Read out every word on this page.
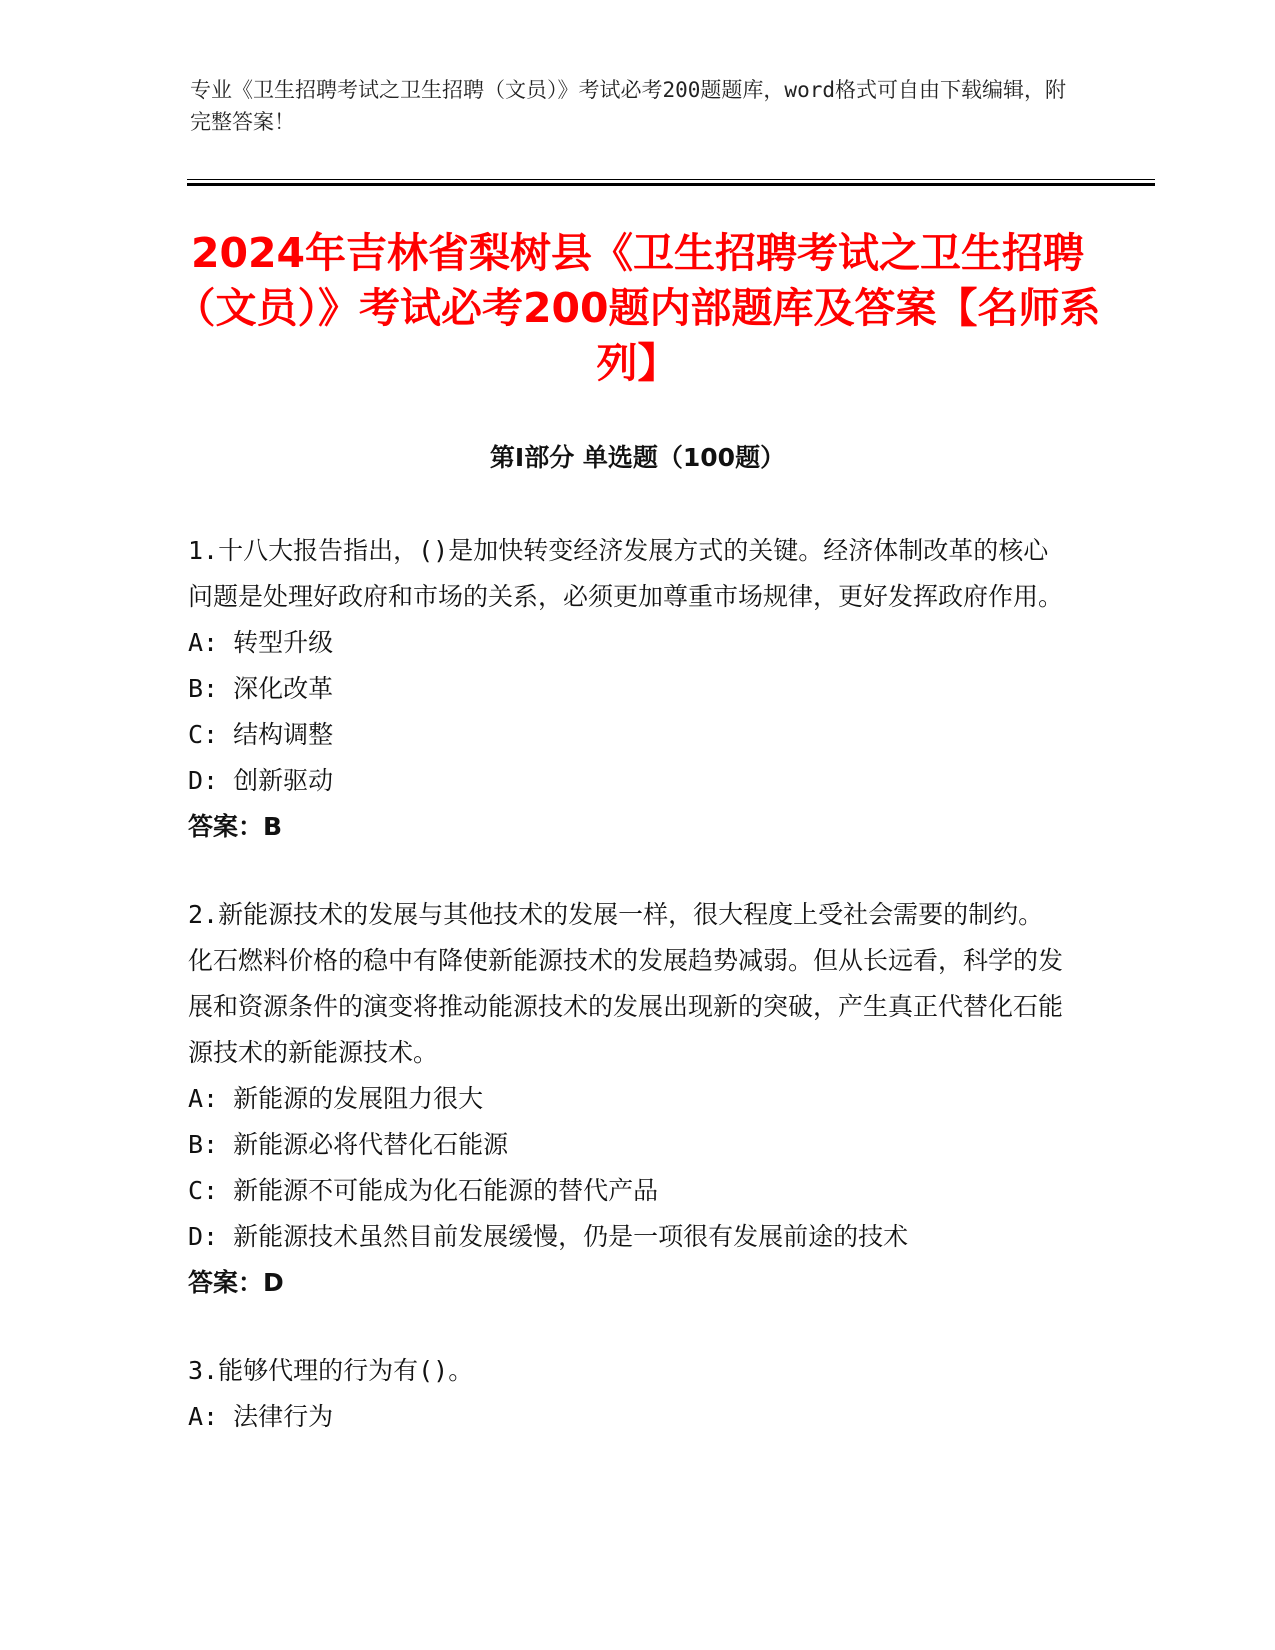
专业《卫生招聘考试之卫生招聘（文员）》考试必考200题题库，word格式可自由下载编辑，附完整答案！

2024年吉林省梨树县《卫生招聘考试之卫生招聘（文员）》考试必考200题内部题库及答案【名师系列】
第Ⅰ部分 单选题（100题）

1.十八大报告指出，()是加快转变经济发展方式的关键。经济体制改革的核心问题是处理好政府和市场的关系，必须更加尊重市场规律，更好发挥政府作用。

A: 转型升级

B: 深化改革

C: 结构调整

D: 创新驱动

答案：B

2.新能源技术的发展与其他技术的发展一样，很大程度上受社会需要的制约。化石燃料价格的稳中有降使新能源技术的发展趋势减弱。但从长远看，科学的发展和资源条件的演变将推动能源技术的发展出现新的突破，产生真正代替化石能源技术的新能源技术。

A: 新能源的发展阻力很大

B: 新能源必将代替化石能源

C: 新能源不可能成为化石能源的替代产品

D: 新能源技术虽然目前发展缓慢，仍是一项很有发展前途的技术

答案：D

3.能够代理的行为有()。

A: 法律行为
